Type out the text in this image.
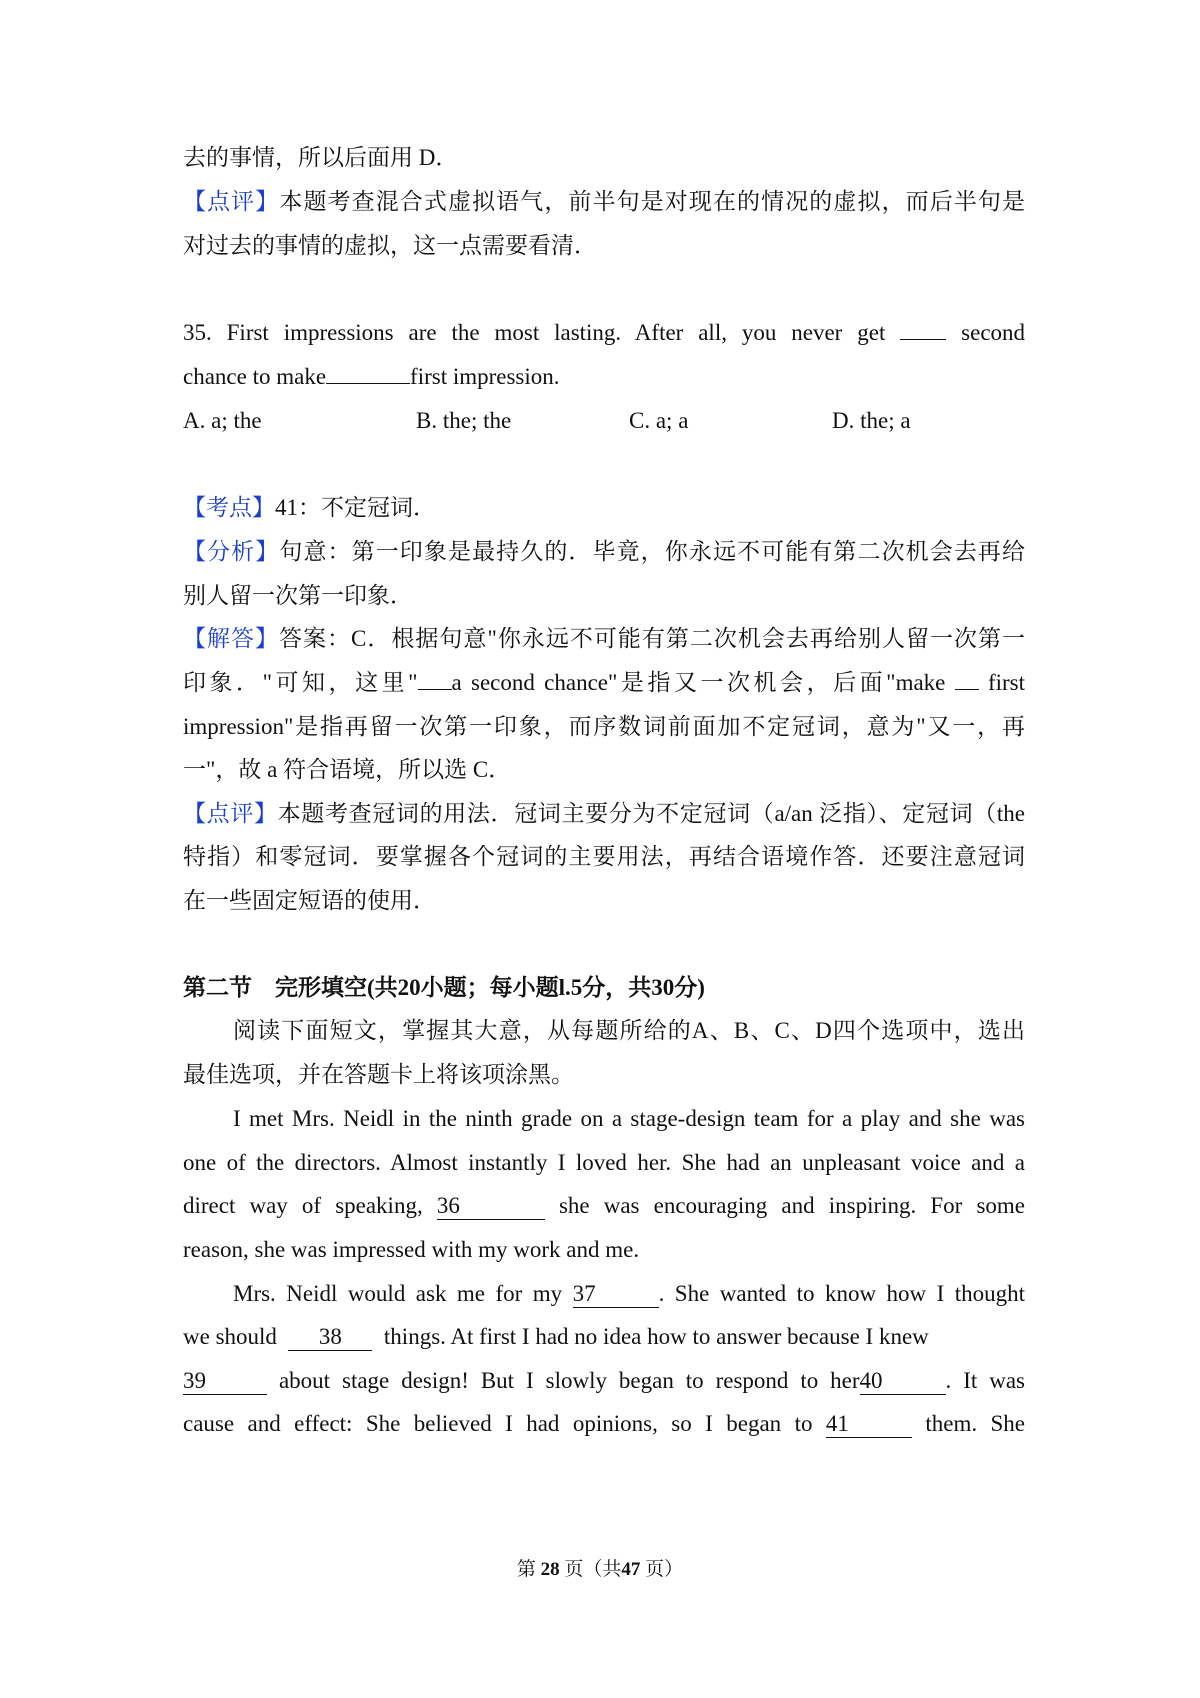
去的事情，所以后面用 D．
【点评】本题考查混合式虚拟语气，前半句是对现在的情况的虚拟，而后半句是
对过去的事情的虚拟，这一点需要看清．
35. First impressions are the most lasting. After all, you never get	second
chance to make	first impression.
A. a; the	B. the; the	C. a; a	D. the; a
【考点】41：不定冠词．
【分析】句意：第一印象是最持久的．毕竟，你永远不可能有第二次机会去再给
别人留一次第一印象．
【解答】答案：C．根据句意"你永远不可能有第二次机会去再给别人留一次第一
印象．"可知，这里" a second chance"是指又一次机会，后面"make first
impression"是指再留一次第一印象，而序数词前面加不定冠词，意为"又一，再
一"，故 a 符合语境，所以选 C．
【点评】本题考查冠词的用法．冠词主要分为不定冠词（a/an 泛指）、定冠词（the
特指）和零冠词．要掌握各个冠词的主要用法，再结合语境作答．还要注意冠词
在一些固定短语的使用．
第二节　完形填空(共20小题；每小题l.5分，共30分)
阅读下面短文，掌握其大意，从每题所给的A、B、C、D四个选项中，选出
最佳选项，并在答题卡上将该项涂黑。
I met Mrs. Neidl in the ninth grade on a stage-design team for a play and she was
one of the directors. Almost instantly I loved her. She had an unpleasant voice and a
direct way of speaking, 36	she was encouraging and inspiring. For some
reason, she was impressed with my work and me.
Mrs. Neidl would ask me for my 37	. She wanted to know how I thought
we should 38 things. At first I had no idea how to answer because I knew
39	about stage design! But I slowly began to respond to her40	. It was
cause and effect: She believed I had opinions, so I began to 41	them. She
第 28 页（共47 页）
